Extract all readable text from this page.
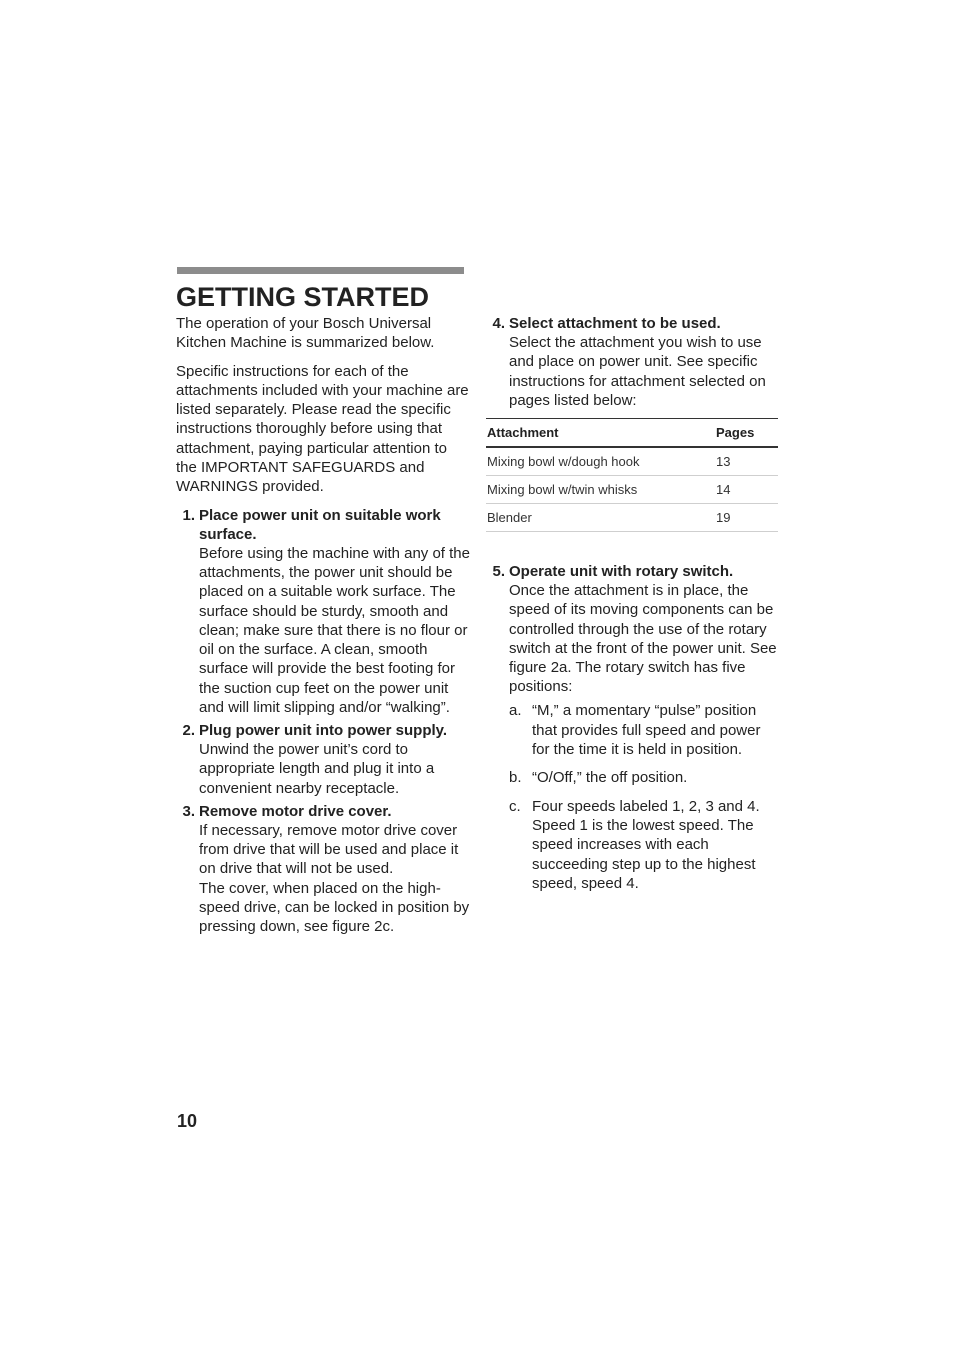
GETTING STARTED

The operation of your Bosch Universal Kitchen Machine is summarized below.

Specific instructions for each of the attachments included with your machine are listed separately. Please read the specific instructions thoroughly before using that attachment, paying particular attention to the IMPORTANT SAFEGUARDS and WARNINGS provided.

1. Place power unit on suitable work surface.
Before using the machine with any of the attachments, the power unit should be placed on a suitable work surface. The surface should be sturdy, smooth and clean; make sure that there is no flour or oil on the surface. A clean, smooth surface will provide the best footing for the suction cup feet on the power unit and will limit slipping and/or “walking”.
2. Plug power unit into power supply.
Unwind the power unit’s cord to appropriate length and plug it into a convenient nearby receptacle.
3. Remove motor drive cover.
If necessary, remove motor drive cover from drive that will be used and place it on drive that will not be used.
The cover, when placed on the high-speed drive, can be locked in position by pressing down, see figure 2c.
4. Select attachment to be used.
Select the attachment you wish to use and place on power unit. See specific instructions for attachment selected on pages listed below:
Attachment	Pages
Mixing bowl w/dough hook	13
Mixing bowl w/twin whisks	14
Blender	19
5. Operate unit with rotary switch.
Once the attachment is in place, the speed of its moving components can be controlled through the use of the rotary switch at the front of the power unit. See figure 2a. The rotary switch has five positions:
a. “M,” a momentary “pulse” position that provides full speed and power for the time it is held in position.
b. “O/Off,” the off position.
c. Four speeds labeled 1, 2, 3 and 4. Speed 1 is the lowest speed. The speed increases with each succeeding step up to the highest speed, speed 4.
10
